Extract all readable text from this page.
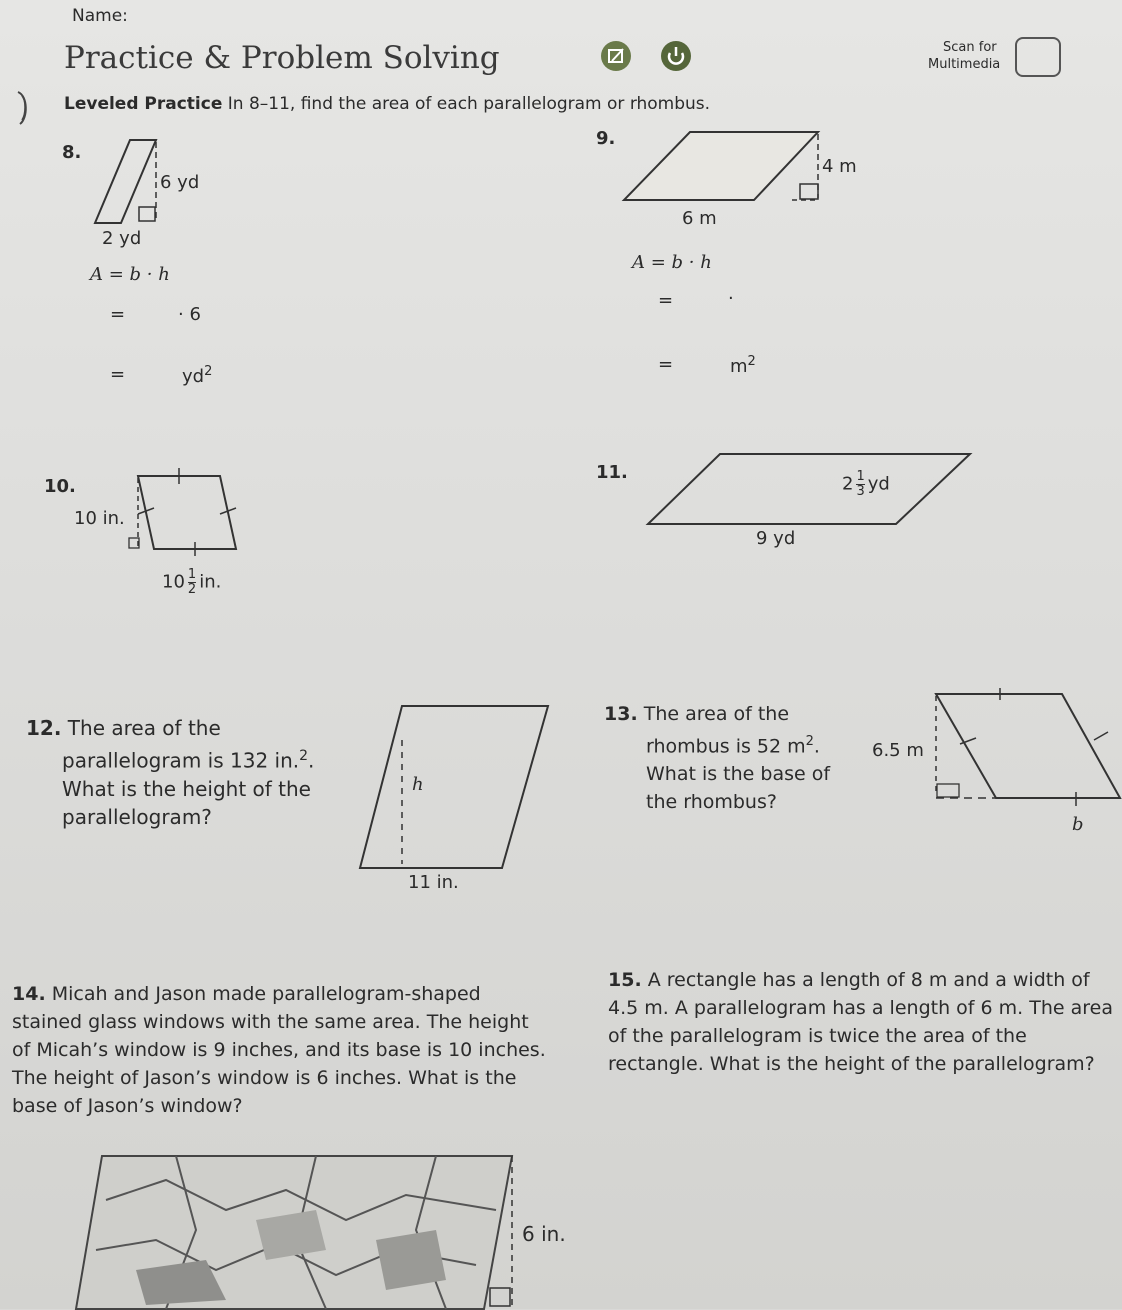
Name:
Practice & Problem Solving	Scan for
Multimedia
Leveled Practice In 8–11, find the area of each parallelogram or rhombus.
8.
6 yd
2 yd
A = b · h
=	· 6
=	$yd^2$
9.
4 m
6 m
A = b · h
=	·
=	$m^2$
10.
10 in.
$10 \frac{1}{2}$ in.
11.
$2 \frac{1}{3}$ yd
9 yd
12. The area of the
parallelogram is 132 in.$^2$.
What is the height of the
parallelogram?
h
11 in.
13. The area of the
rhombus is 52 $m^2$.
What is the base of
the rhombus?
6.5 m
b
14. Micah and Jason made parallelogram-shaped stained glass windows with the same area. The height of Micah’s window is 9 inches, and its base is 10 inches. The height of Jason’s window is 6 inches. What is the base of Jason’s window?
6 in.
15. A rectangle has a length of 8 m and a width of 4.5 m. A parallelogram has a length of 6 m. The area of the parallelogram is twice the area of the rectangle. What is the height of the parallelogram?
